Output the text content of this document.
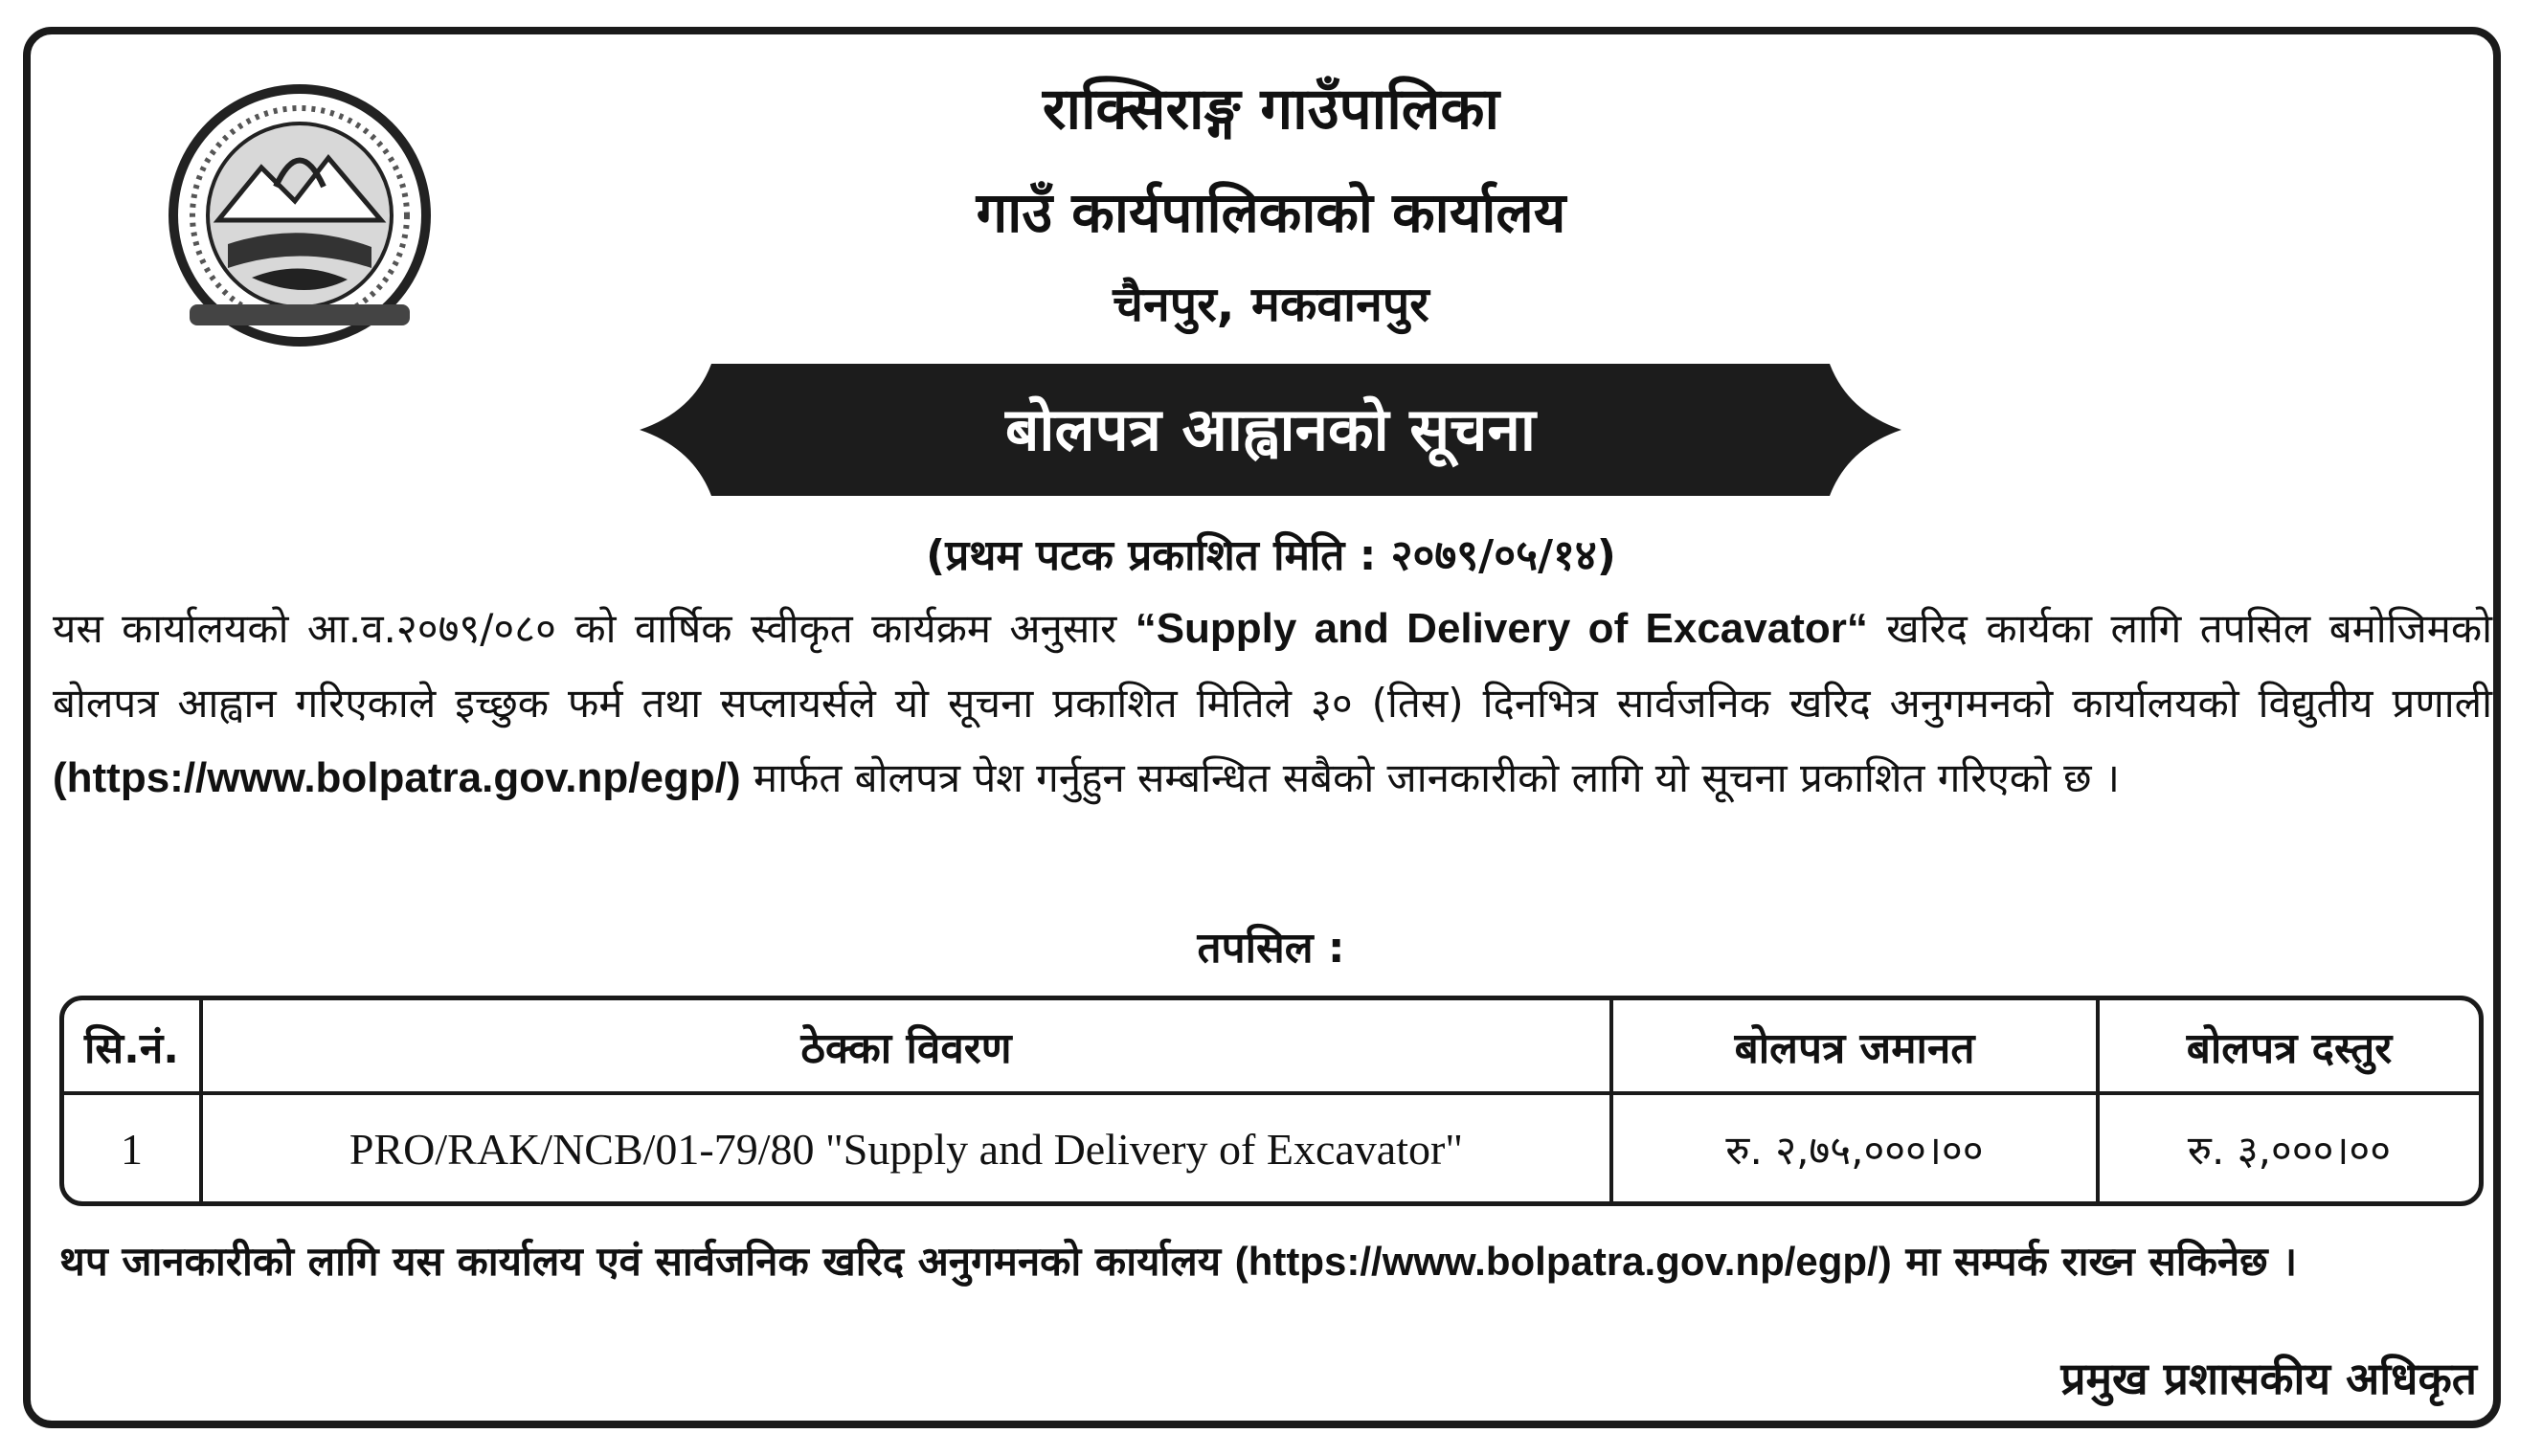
राक्सिराङ्ग गाउँपालिका
गाउँ कार्यपालिकाको कार्यालय
चैनपुर, मकवानपुर
बोलपत्र आह्वानको सूचना
(प्रथम पटक प्रकाशित मिति : २०७९/०५/१४)
यस कार्यालयको आ.व.२०७९/०८० को वार्षिक स्वीकृत कार्यक्रम अनुसार “Supply and Delivery of Excavator“ खरिद कार्यका लागि तपसिल बमोजिमको बोलपत्र आह्वान गरिएकाले इच्छुक फर्म तथा सप्लायर्सले यो सूचना प्रकाशित मितिले ३० (तिस) दिनभित्र सार्वजनिक खरिद अनुगमनको कार्यालयको विद्युतीय प्रणाली (https://www.bolpatra.gov.np/egp/) मार्फत बोलपत्र पेश गर्नुहुन सम्बन्धित सबैको जानकारीको लागि यो सूचना प्रकाशित गरिएको छ ।
तपसिल :
सि.नं.	ठेक्का विवरण	बोलपत्र जमानत	बोलपत्र दस्तुर
1	PRO/RAK/NCB/01-79/80 "Supply and Delivery of Excavator"	रु. २,७५,०००।००	रु. ३,०००।००
थप जानकारीको लागि यस कार्यालय एवं सार्वजनिक खरिद अनुगमनको कार्यालय (https://www.bolpatra.gov.np/egp/) मा सम्पर्क राख्न सकिनेछ ।
प्रमुख प्रशासकीय अधिकृत
